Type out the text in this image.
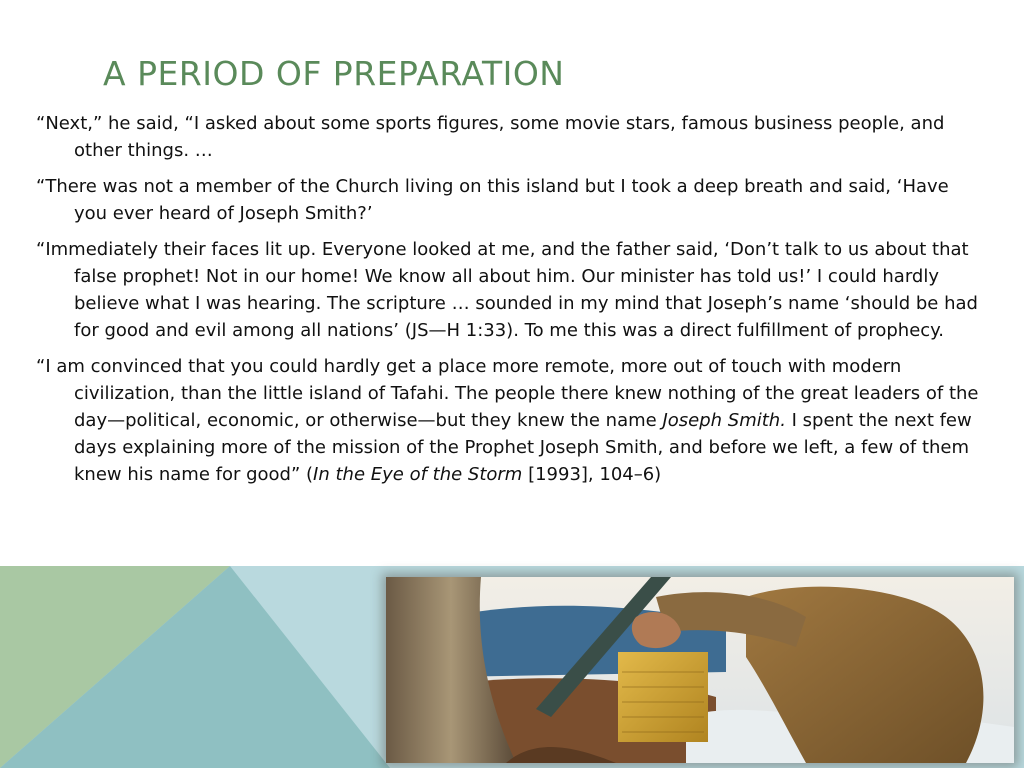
A PERIOD OF PREPARATION

“Next,” he said, “I asked about some sports figures, some movie stars, famous business people, and other things. …

“There was not a member of the Church living on this island but I took a deep breath and said, ‘Have you ever heard of Joseph Smith?’

“Immediately their faces lit up. Everyone looked at me, and the father said, ‘Don’t talk to us about that false prophet! Not in our home! We know all about him. Our minister has told us!’ I could hardly believe what I was hearing. The scripture … sounded in my mind that Joseph’s name ‘should be had for good and evil among all nations’ (JS—H 1:33). To me this was a direct fulfillment of prophecy.

“I am convinced that you could hardly get a place more remote, more out of touch with modern civilization, than the little island of Tafahi. The people there knew nothing of the great leaders of the day—political, economic, or otherwise—but they knew the name Joseph Smith. I spent the next few days explaining more of the mission of the Prophet Joseph Smith, and before we left, a few of them knew his name for good” (In the Eye of the Storm [1993], 104–6)
